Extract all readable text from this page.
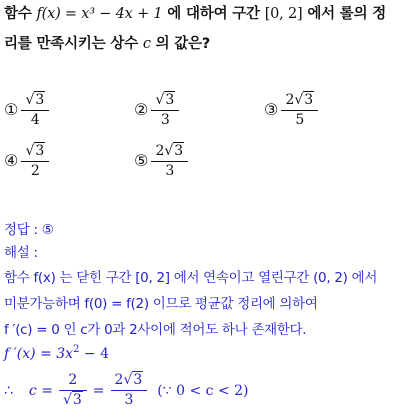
함수 f(x) = x³ − 4x + 1 에 대하여 구간 [0, 2] 에서 롤의 정
리를 만족시키는 상수 c 의 값은?
① $\frac{√3}{4}$	② $\frac{√3}{3}$	③ $\frac{2√3}{5}$
④ $\frac{√3}{2}$	⑤ $\frac{2√3}{3}$
정답 : ⑤
해설 :
함수 f(x) 는 닫힌 구간 [0, 2] 에서 연속이고 열린구간 (0, 2) 에서
미분가능하며 f(0) = f(2) 이므로 평균값 정리에 의하여
f ′(c) = 0 인 c가 0과 2사이에 적어도 하나 존재한다.
f $'(x) = 3x^2 - 4$
∴ $c = \frac{2}{√3} = \frac{2√3}{3}$ (∵ 0 < c < 2)
